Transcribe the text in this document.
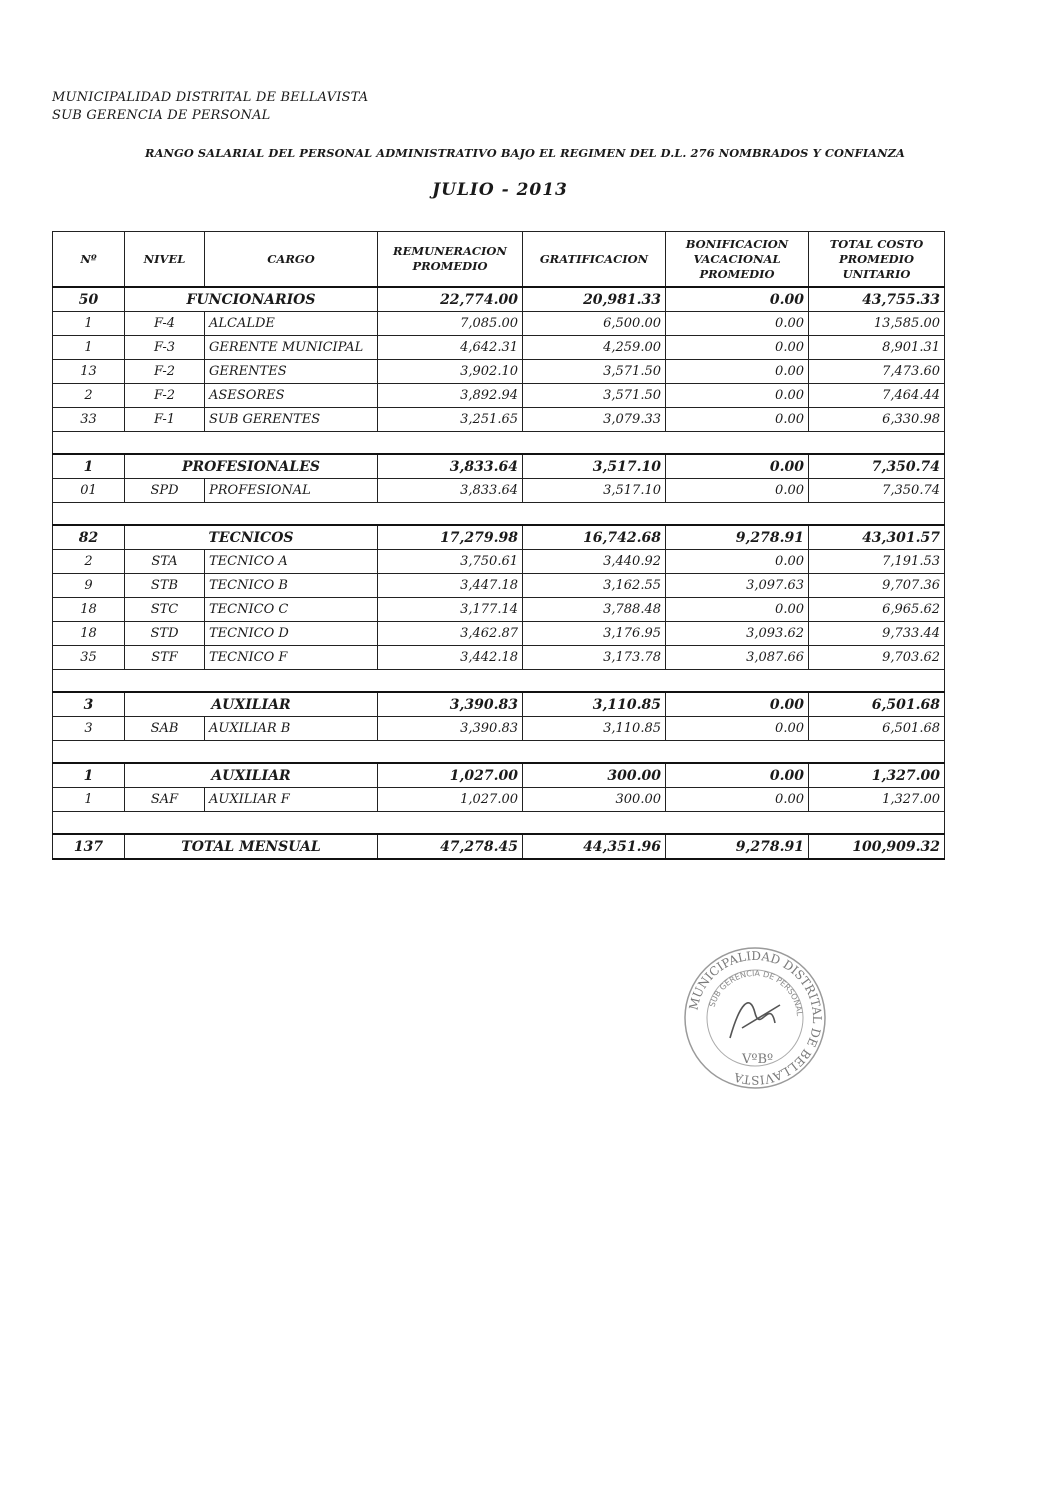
MUNICIPALIDAD DISTRITAL DE BELLAVISTA
SUB GERENCIA DE PERSONAL
RANGO SALARIAL DEL PERSONAL ADMINISTRATIVO BAJO EL REGIMEN DEL D.L. 276 NOMBRADOS Y CONFIANZA
JULIO - 2013
Nº	NIVEL	CARGO	REMUNERACION PROMEDIO	GRATIFICACION	BONIFICACION VACACIONAL PROMEDIO	TOTAL COSTO PROMEDIO UNITARIO
50	FUNCIONARIOS		22,774.00	20,981.33	0.00	43,755.33
1	F-4	ALCALDE	7,085.00	6,500.00	0.00	13,585.00
1	F-3	GERENTE MUNICIPAL	4,642.31	4,259.00	0.00	8,901.31
13	F-2	GERENTES	3,902.10	3,571.50	0.00	7,473.60
2	F-2	ASESORES	3,892.94	3,571.50	0.00	7,464.44
33	F-1	SUB GERENTES	3,251.65	3,079.33	0.00	6,330.98

1	PROFESIONALES		3,833.64	3,517.10	0.00	7,350.74
01	SPD	PROFESIONAL	3,833.64	3,517.10	0.00	7,350.74

82	TECNICOS		17,279.98	16,742.68	9,278.91	43,301.57
2	STA	TECNICO A	3,750.61	3,440.92	0.00	7,191.53
9	STB	TECNICO B	3,447.18	3,162.55	3,097.63	9,707.36
18	STC	TECNICO C	3,177.14	3,788.48	0.00	6,965.62
18	STD	TECNICO D	3,462.87	3,176.95	3,093.62	9,733.44
35	STF	TECNICO F	3,442.18	3,173.78	3,087.66	9,703.62

3	AUXILIAR		3,390.83	3,110.85	0.00	6,501.68
3	SAB	AUXILIAR B	3,390.83	3,110.85	0.00	6,501.68

1	AUXILIAR		1,027.00	300.00	0.00	1,327.00
1	SAF	AUXILIAR F	1,027.00	300.00	0.00	1,327.00

137	TOTAL MENSUAL		47,278.45	44,351.96	9,278.91	100,909.32
MUNICIPALIDAD DISTRITAL DE BELLAVISTA
SUB GERENCIA DE PERSONAL
VºBº
